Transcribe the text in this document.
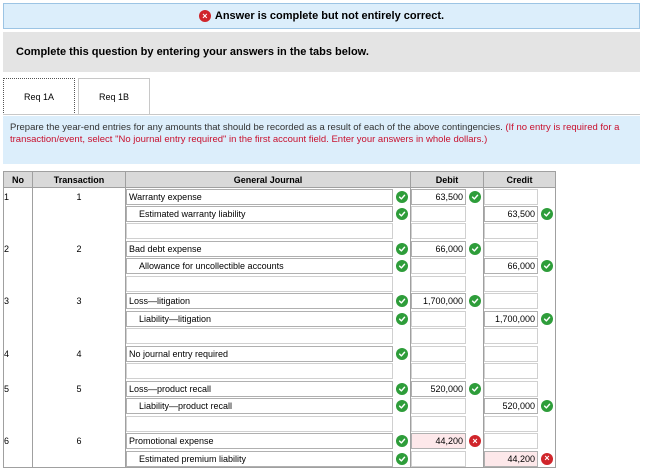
× Answer is complete but not entirely correct.
Complete this question by entering your answers in the tabs below.
Req 1A	Req 1B
Prepare the year-end entries for any amounts that should be recorded as a result of each of the above contingencies. (If no entry is required for a transaction/event, select "No journal entry required" in the first account field. Enter your answers in whole dollars.)
No	Transaction	General Journal	Debit	Credit
1	1	Warranty expense	63,500	

Estimated warranty liability		63,500

2	2	Bad debt expense	66,000	

Allowance for uncollectible accounts		66,000

3	3	Loss—litigation	1,700,000	

Liability—litigation		1,700,000

4	4	No journal entry required		

5	5	Loss—product recall	520,000	

Liability—product recall		520,000

6	6	Promotional expense	44,200 ×	

Estimated premium liability		44,200 ×
